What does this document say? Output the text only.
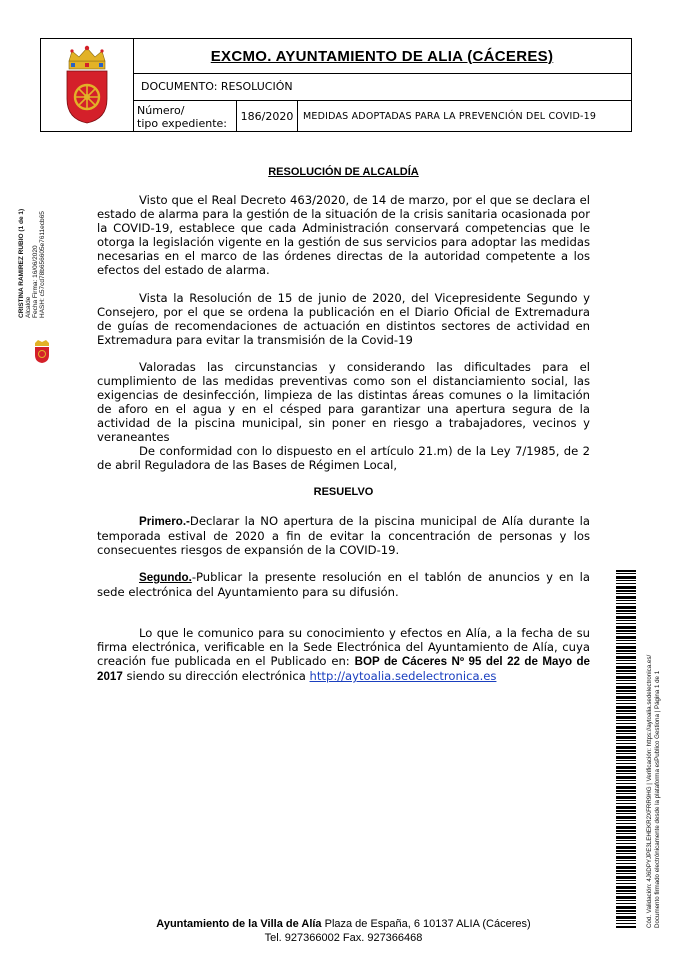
EXCMO. AYUNTAMIENTO DE ALIA (CÁCERES)
DOCUMENTO: RESOLUCIÓN
Número/
tipo expediente:
186/2020	MEDIDAS ADOPTADAS PARA LA PREVENCIÓN DEL COVID-19
CRISTINA RAMIREZ RUBIO (1 de 1) Alcalde Fecha Firma: 16/06/2020 HASH: c57cd78b656605e7611ecb65
Cód. Validación: 4J6DPYJPE3LEHEKR2XFRR9HG | Verificación: https://aytoalia.sedelectronica.es/ Documento firmado electrónicamente desde la plataforma esPublico Gestiona | Página 1 de 1
RESOLUCIÓN DE ALCALDÍA

Visto que el Real Decreto 463/2020, de 14 de marzo, por el que se declara el estado de alarma para la gestión de la situación de la crisis sanitaria ocasionada por la COVID-19, establece que cada Administración conservará competencias que le otorga la legislación vigente en la gestión de sus servicios para adoptar las medidas necesarias en el marco de las órdenes directas de la autoridad competente a los efectos del estado de alarma.

Vista la Resolución de 15 de junio de 2020, del Vicepresidente Segundo y Consejero, por el que se ordena la publicación en el Diario Oficial de Extremadura de guías de recomendaciones de actuación en distintos sectores de actividad en Extremadura para evitar la transmisión de la Covid-19

Valoradas las circunstancias y considerando las dificultades para el cumplimiento de las medidas preventivas como son el distanciamiento social, las exigencias de desinfección, limpieza de las distintas áreas comunes o la limitación de aforo en el agua y en el césped para garantizar una apertura segura de la actividad de la piscina municipal, sin poner en riesgo a trabajadores, vecinos y veraneantes

De conformidad con lo dispuesto en el artículo 21.m) de la Ley 7/1985, de 2 de abril Reguladora de las Bases de Régimen Local,

RESUELVO

Primero.-Declarar la NO apertura de la piscina municipal de Alía durante la temporada estival de 2020 a fin de evitar la concentración de personas y los consecuentes riesgos de expansión de la COVID-19.

Segundo.-Publicar la presente resolución en el tablón de anuncios y en la sede electrónica del Ayuntamiento para su difusión.

Lo que le comunico para su conocimiento y efectos en Alía, a la fecha de su firma electrónica, verificable en la Sede Electrónica del Ayuntamiento de Alía, cuya creación fue publicada en el Publicado en: BOP de Cáceres Nº 95 del 22 de Mayo de 2017 siendo su dirección electrónica http://aytoalia.sedelectronica.es

Ayuntamiento de la Villa de Alía Plaza de España, 6 10137 ALIA (Cáceres)
Tel. 927366002 Fax. 927366468
